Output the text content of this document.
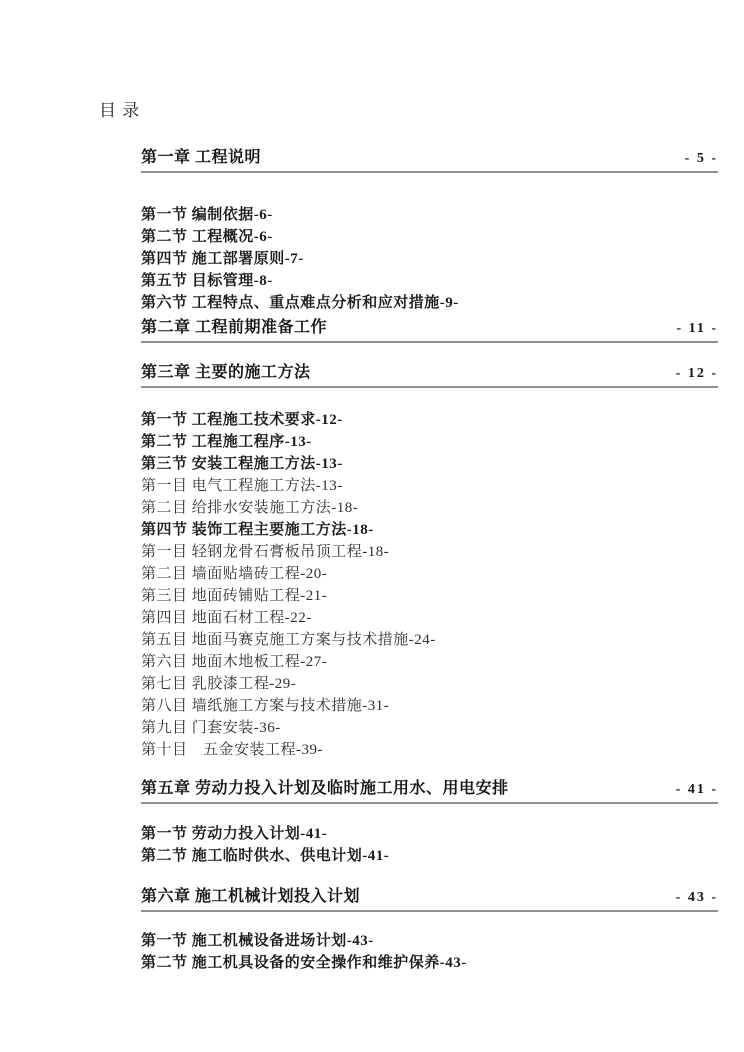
目 录
第一章 工程说明	- 5 -
第一节 编制依据-6-
第二节 工程概况-6-
第四节 施工部署原则-7-
第五节 目标管理-8-
第六节 工程特点、重点难点分析和应对措施-9-
第二章 工程前期准备工作	- 11 -
第三章 主要的施工方法	- 12 -
第一节 工程施工技术要求-12-
第二节 工程施工程序-13-
第三节 安装工程施工方法-13-
第一目 电气工程施工方法-13-
第二目 给排水安装施工方法-18-
第四节 装饰工程主要施工方法-18-
第一目 轻钢龙骨石膏板吊顶工程-18-
第二目 墙面贴墙砖工程-20-
第三目 地面砖铺贴工程-21-
第四目 地面石材工程-22-
第五目 地面马赛克施工方案与技术措施-24-
第六目 地面木地板工程-27-
第七目 乳胶漆工程-29-
第八目 墙纸施工方案与技术措施-31-
第九目 门套安装-36-
第十目　五金安装工程-39-
第五章 劳动力投入计划及临时施工用水、用电安排	- 41 -
第一节 劳动力投入计划-41-
第二节 施工临时供水、供电计划-41-
第六章 施工机械计划投入计划	- 43 -
第一节 施工机械设备进场计划-43-
第二节 施工机具设备的安全操作和维护保养-43-
